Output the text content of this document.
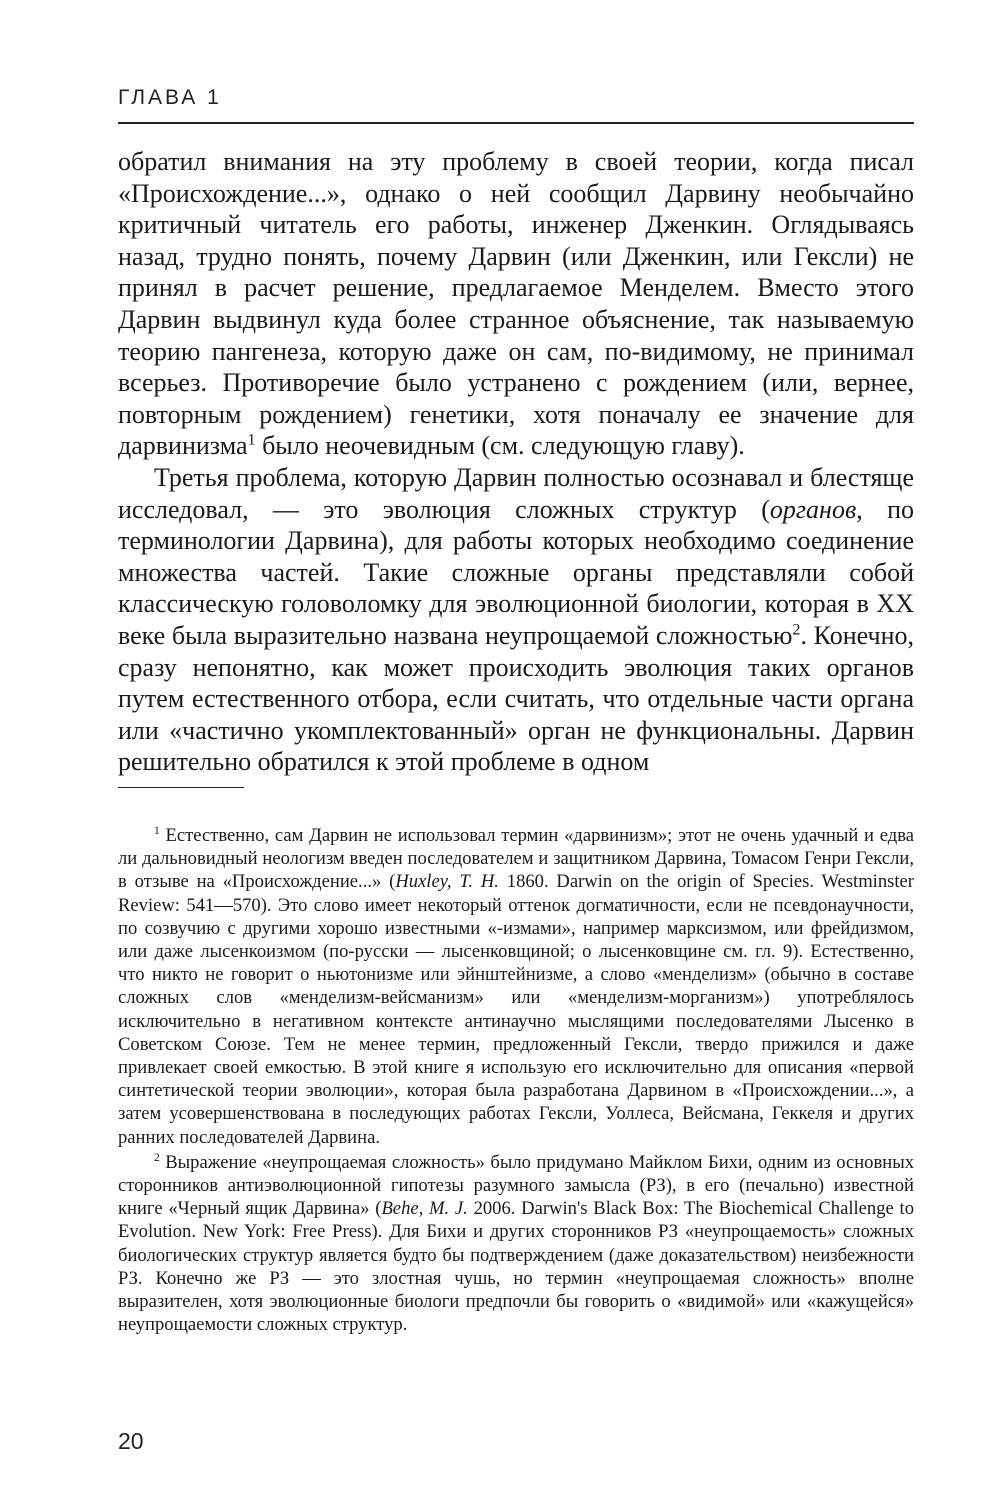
ГЛАВА 1

обратил внимания на эту проблему в своей теории, когда писал «Происхождение...», однако о ней сообщил Дарвину необычайно критичный читатель его работы, инженер Дженкин. Оглядываясь назад, трудно понять, почему Дарвин (или Дженкин, или Гексли) не принял в расчет решение, предлагаемое Менделем. Вместо этого Дарвин выдвинул куда более странное объяснение, так называемую теорию пангенеза, которую даже он сам, по-видимому, не принимал всерьез. Противоречие было устранено с рождением (или, вернее, повторным рождением) генетики, хотя поначалу ее значение для дарвинизма$^1$ было неочевидным (см. следующую главу).

Третья проблема, которую Дарвин полностью осознавал и блестяще исследовал, — это эволюция сложных структур (органов, по терминологии Дарвина), для работы которых необходимо соединение множества частей. Такие сложные органы представляли собой классическую головоломку для эволюционной биологии, которая в XX веке была выразительно названа неупрощаемой сложностью$^2$. Конечно, сразу непонятно, как может происходить эволюция таких органов путем естественного отбора, если считать, что отдельные части органа или «частично укомплектованный» орган не функциональны. Дарвин решительно обратился к этой проблеме в одном

$^1$ Естественно, сам Дарвин не использовал термин «дарвинизм»; этот не очень удачный и едва ли дальновидный неологизм введен последователем и защитником Дарвина, Томасом Генри Гексли, в отзыве на «Происхождение...» (Huxley, T. H. 1860. Darwin on the origin of Species. Westminster Review: 541—570). Это слово имеет некоторый оттенок догматичности, если не псевдонаучности, по созвучию с другими хорошо известными «-измами», например марксизмом, или фрейдизмом, или даже лысенкоизмом (по-русски — лысенковщиной; о лысенковщине см. гл. 9). Естественно, что никто не говорит о ньютонизме или эйнштейнизме, а слово «менделизм» (обычно в составе сложных слов «менделизм-вейсманизм» или «менделизм-морганизм») употреблялось исключительно в негативном контексте антинаучно мыслящими последователями Лысенко в Советском Союзе. Тем не менее термин, предложенный Гексли, твердо прижился и даже привлекает своей емкостью. В этой книге я использую его исключительно для описания «первой синтетической теории эволюции», которая была разработана Дарвином в «Происхождении...», а затем усовершенствована в последующих работах Гексли, Уоллеса, Вейсмана, Геккеля и других ранних последователей Дарвина.

$^2$ Выражение «неупрощаемая сложность» было придумано Майклом Бихи, одним из основных сторонников антиэволюционной гипотезы разумного замысла (РЗ), в его (печально) известной книге «Черный ящик Дарвина» (Behe, M. J. 2006. Darwin's Black Box: The Biochemical Challenge to Evolution. New York: Free Press). Для Бихи и других сторонников РЗ «неупрощаемость» сложных биологических структур является будто бы подтверждением (даже доказательством) неизбежности РЗ. Конечно же РЗ — это злостная чушь, но термин «неупрощаемая сложность» вполне выразителен, хотя эволюционные биологи предпочли бы говорить о «видимой» или «кажущейся» неупрощаемости сложных структур.

20
